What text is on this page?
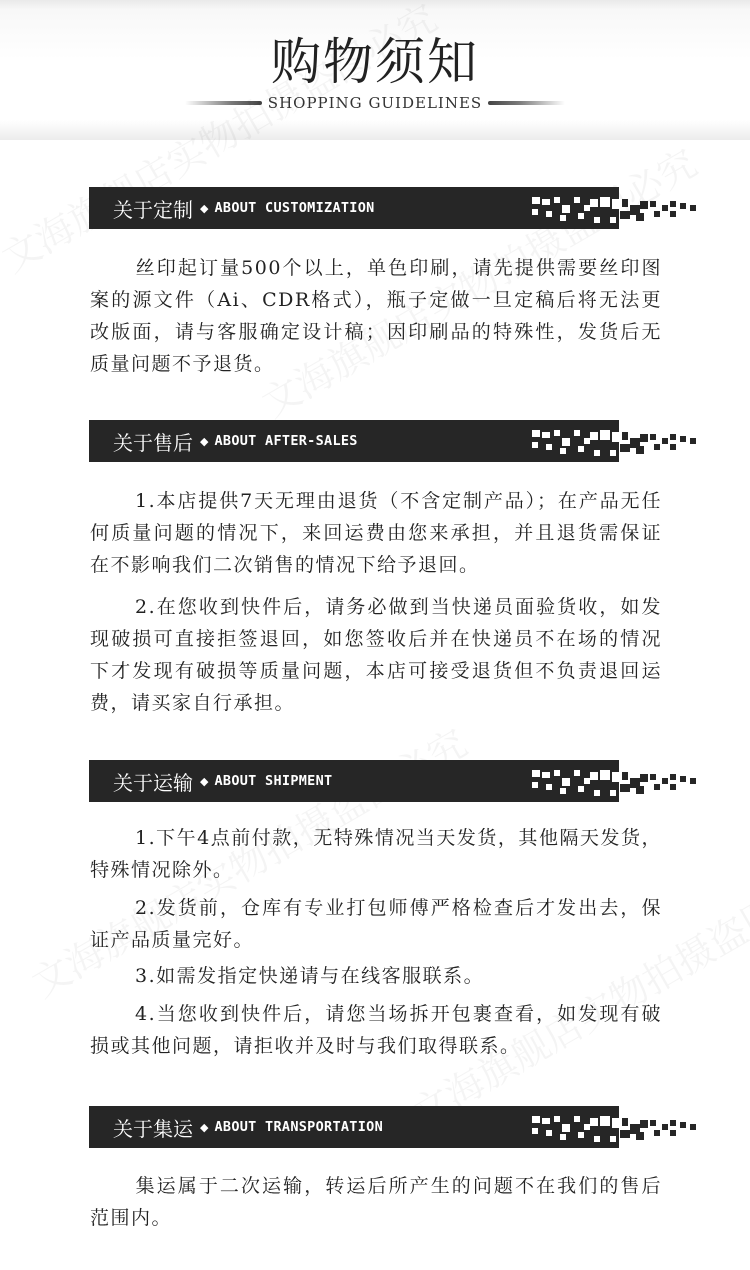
购物须知
SHOPPING GUIDELINES
关于定制 ◆ ABOUT CUSTOMIZATION

丝印起订量500个以上，单色印刷，请先提供需要丝印图案的源文件（Ai、CDR格式），瓶子定做一旦定稿后将无法更改版面，请与客服确定设计稿；因印刷品的特殊性，发货后无质量问题不予退货。

关于售后 ◆ ABOUT AFTER-SALES

1.本店提供7天无理由退货（不含定制产品）；在产品无任何质量问题的情况下，来回运费由您来承担，并且退货需保证在不影响我们二次销售的情况下给予退回。

2.在您收到快件后，请务必做到当快递员面验货收，如发现破损可直接拒签退回，如您签收后并在快递员不在场的情况下才发现有破损等质量问题，本店可接受退货但不负责退回运费，请买家自行承担。

关于运输 ◆ ABOUT SHIPMENT

1.下午4点前付款，无特殊情况当天发货，其他隔天发货，特殊情况除外。

2.发货前，仓库有专业打包师傅严格检查后才发出去，保证产品质量完好。

3.如需发指定快递请与在线客服联系。

4.当您收到快件后，请您当场拆开包裹查看，如发现有破损或其他问题，请拒收并及时与我们取得联系。

关于集运 ◆ ABOUT TRANSPORTATION

集运属于二次运输，转运后所产生的问题不在我们的售后范围内。
